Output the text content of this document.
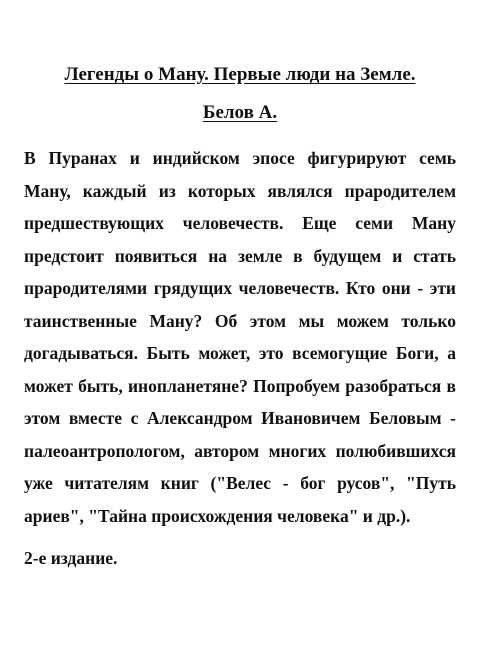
Легенды о Ману. Первые люди на Земле.
Белов А.

В Пуранах и индийском эпосе фигурируют семь Ману, каждый из которых являлся прародителем предшествующих человечеств. Еще семи Ману предстоит появиться на земле в будущем и стать прародителями грядущих человечеств. Кто они - эти таинственные Ману? Об этом мы можем только догадываться. Быть может, это всемогущие Боги, а может быть, инопланетяне? Попробуем разобраться в этом вместе с Александром Ивановичем Беловым - палеоантропологом, автором многих полюбившихся уже читателям книг ("Велес - бог русов", "Путь ариев", "Тайна происхождения человека" и др.).

2-е издание.
